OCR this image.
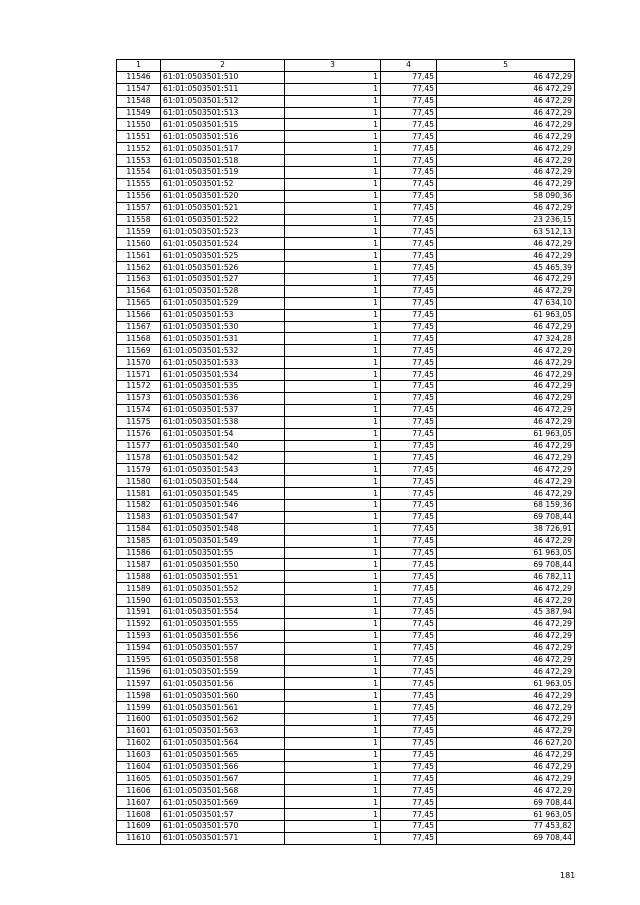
1	2	3	4	5
11546	61:01:0503501:510	1	77,45	46 472,29
11547	61:01:0503501:511	1	77,45	46 472,29
11548	61:01:0503501:512	1	77,45	46 472,29
11549	61:01:0503501:513	1	77,45	46 472,29
11550	61:01:0503501:515	1	77,45	46 472,29
11551	61:01:0503501:516	1	77,45	46 472,29
11552	61:01:0503501:517	1	77,45	46 472,29
11553	61:01:0503501:518	1	77,45	46 472,29
11554	61:01:0503501:519	1	77,45	46 472,29
11555	61:01:0503501:52	1	77,45	46 472,29
11556	61:01:0503501:520	1	77,45	58 090,36
11557	61:01:0503501:521	1	77,45	46 472,29
11558	61:01:0503501:522	1	77,45	23 236,15
11559	61:01:0503501:523	1	77,45	63 512,13
11560	61:01:0503501:524	1	77,45	46 472,29
11561	61:01:0503501:525	1	77,45	46 472,29
11562	61:01:0503501:526	1	77,45	45 465,39
11563	61:01:0503501:527	1	77,45	46 472,29
11564	61:01:0503501:528	1	77,45	46 472,29
11565	61:01:0503501:529	1	77,45	47 634,10
11566	61:01:0503501:53	1	77,45	61 963,05
11567	61:01:0503501:530	1	77,45	46 472,29
11568	61:01:0503501:531	1	77,45	47 324,28
11569	61:01:0503501:532	1	77,45	46 472,29
11570	61:01:0503501:533	1	77,45	46 472,29
11571	61:01:0503501:534	1	77,45	46 472,29
11572	61:01:0503501:535	1	77,45	46 472,29
11573	61:01:0503501:536	1	77,45	46 472,29
11574	61:01:0503501:537	1	77,45	46 472,29
11575	61:01:0503501:538	1	77,45	46 472,29
11576	61:01:0503501:54	1	77,45	61 963,05
11577	61:01:0503501:540	1	77,45	46 472,29
11578	61:01:0503501:542	1	77,45	46 472,29
11579	61:01:0503501:543	1	77,45	46 472,29
11580	61:01:0503501:544	1	77,45	46 472,29
11581	61:01:0503501:545	1	77,45	46 472,29
11582	61:01:0503501:546	1	77,45	68 159,36
11583	61:01:0503501:547	1	77,45	69 708,44
11584	61:01:0503501:548	1	77,45	38 726,91
11585	61:01:0503501:549	1	77,45	46 472,29
11586	61:01:0503501:55	1	77,45	61 963,05
11587	61:01:0503501:550	1	77,45	69 708,44
11588	61:01:0503501:551	1	77,45	46 782,11
11589	61:01:0503501:552	1	77,45	46 472,29
11590	61:01:0503501:553	1	77,45	46 472,29
11591	61:01:0503501:554	1	77,45	45 387,94
11592	61:01:0503501:555	1	77,45	46 472,29
11593	61:01:0503501:556	1	77,45	46 472,29
11594	61:01:0503501:557	1	77,45	46 472,29
11595	61:01:0503501:558	1	77,45	46 472,29
11596	61:01:0503501:559	1	77,45	46 472,29
11597	61:01:0503501:56	1	77,45	61 963,05
11598	61:01:0503501:560	1	77,45	46 472,29
11599	61:01:0503501:561	1	77,45	46 472,29
11600	61:01:0503501:562	1	77,45	46 472,29
11601	61:01:0503501:563	1	77,45	46 472,29
11602	61:01:0503501:564	1	77,45	46 627,20
11603	61:01:0503501:565	1	77,45	46 472,29
11604	61:01:0503501:566	1	77,45	46 472,29
11605	61:01:0503501:567	1	77,45	46 472,29
11606	61:01:0503501:568	1	77,45	46 472,29
11607	61:01:0503501:569	1	77,45	69 708,44
11608	61:01:0503501:57	1	77,45	61 963,05
11609	61:01:0503501:570	1	77,45	77 453,82
11610	61:01:0503501:571	1	77,45	69 708,44
181
